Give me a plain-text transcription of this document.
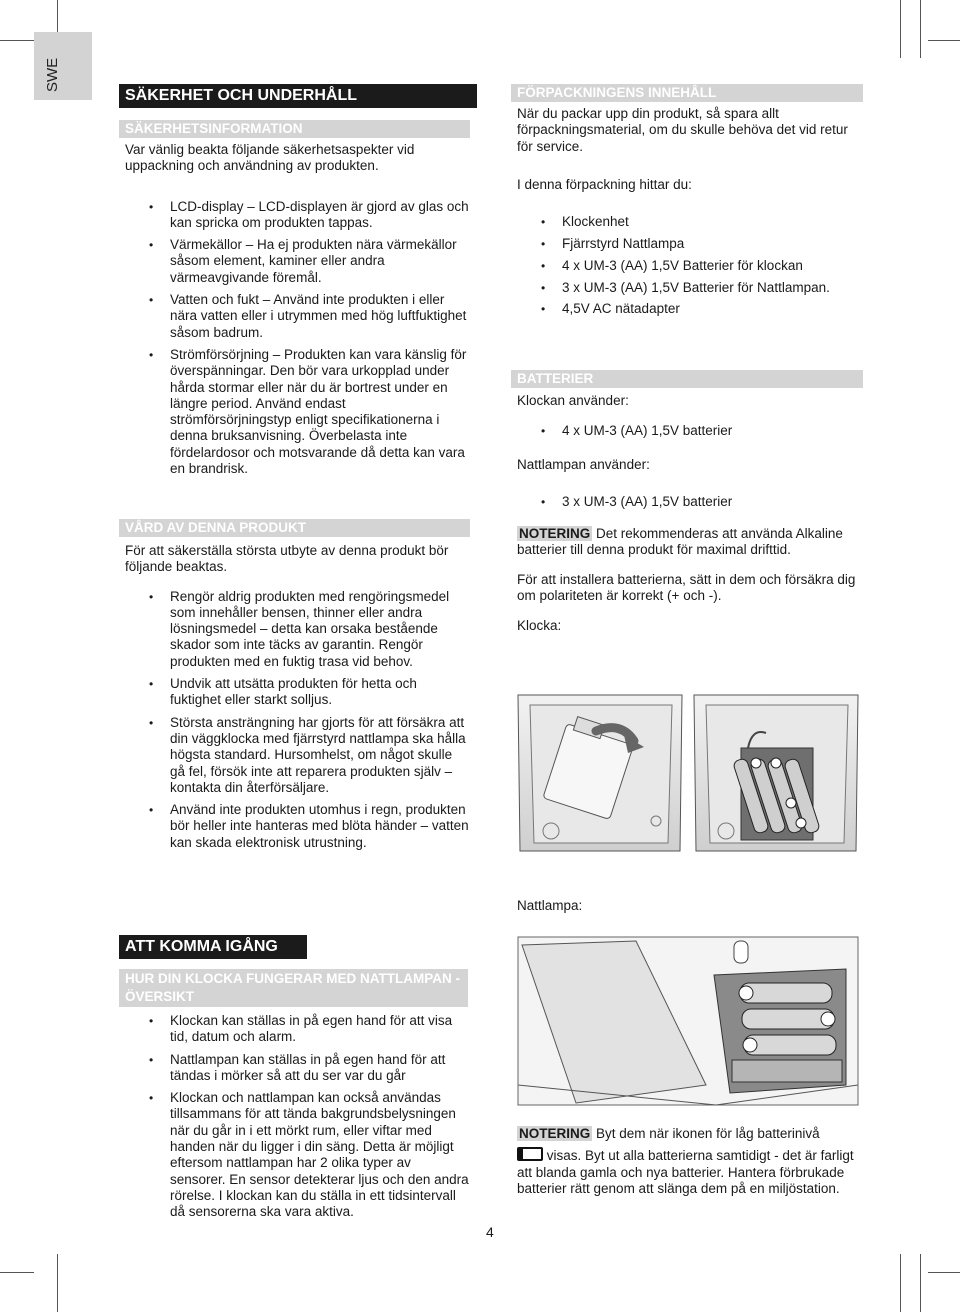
SWE
SÄKERHET OCH UNDERHÅLL
SÄKERHETSINFORMATION

Var vänlig beakta följande säkerhetsaspekter vid uppackning och användning av produkten.

• LCD-display – LCD-displayen är gjord av glas och kan spricka om produkten tappas.
• Värmekällor – Ha ej produkten nära värmekällor såsom element, kaminer eller andra värmeavgivande föremål.
• Vatten och fukt – Använd inte produkten i eller nära vatten eller i utrymmen med hög luftfuktighet såsom badrum.
• Strömförsörjning – Produkten kan vara känslig för överspänningar. Den bör vara urkopplad under hårda stormar eller när du är bortrest under en längre period. Använd endast strömförsörjningstyp enligt specifikationerna i denna bruksanvisning. Överbelasta inte fördelardosor och motsvarande då detta kan vara en brandrisk.
VÅRD AV DENNA PRODUKT

För att säkerställa största utbyte av denna produkt bör följande beaktas.

• Rengör aldrig produkten med rengöringsmedel som innehåller bensen, thinner eller andra lösningsmedel – detta kan orsaka bestående skador som inte täcks av garantin. Rengör produkten med en fuktig trasa vid behov.
• Undvik att utsätta produkten för hetta och fuktighet eller starkt solljus.
• Största ansträngning har gjorts för att försäkra att din väggklocka med fjärrstyrd nattlampa ska hålla högsta standard. Hursomhelst, om något skulle gå fel, försök inte att reparera produkten själv – kontakta din återförsäljare.
• Använd inte produkten utomhus i regn, produkten bör heller inte hanteras med blöta händer – vatten kan skada elektronisk utrustning.
ATT KOMMA IGÅNG
HUR DIN KLOCKA FUNGERAR MED NATTLAMPAN - ÖVERSIKT
• Klockan kan ställas in på egen hand för att visa tid, datum och alarm.
• Nattlampan kan ställas in på egen hand för att tändas i mörker så att du ser var du går
• Klockan och nattlampan kan också användas tillsammans för att tända bakgrundsbelysningen när du går in i ett mörkt rum, eller viftar med handen när du ligger i din säng. Detta är möjligt eftersom nattlampan har 2 olika typer av sensorer. En sensor detekterar ljus och den andra rörelse. I klockan kan du ställa in ett tidsintervall då sensorerna ska vara aktiva.
FÖRPACKNINGENS INNEHÅLL

När du packar upp din produkt, så spara allt förpackningsmaterial, om du skulle behöva det vid retur för service.

I denna förpackning hittar du:

• Klockenhet
• Fjärrstyrd Nattlampa
• 4 x UM-3 (AA) 1,5V Batterier för klockan
• 3 x UM-3 (AA) 1,5V Batterier för Nattlampan.
• 4,5V AC nätadapter
BATTERIER

Klockan använder:

• 4 x UM-3 (AA) 1,5V batterier

Nattlampan använder:

• 3 x UM-3 (AA) 1,5V batterier

NOTERING Det rekommenderas att använda Alkaline batterier till denna produkt för maximal drifttid.

För att installera batterierna, sätt in dem och försäkra dig om polariteten är korrekt (+ och -).

Klocka:

Nattlampa:

NOTERING Byt dem när ikonen för låg batterinivå

visas. Byt ut alla batterierna samtidigt - det är farligt att blanda gamla och nya batterier. Hantera förbrukade batterier rätt genom att slänga dem på en miljöstation.

4
